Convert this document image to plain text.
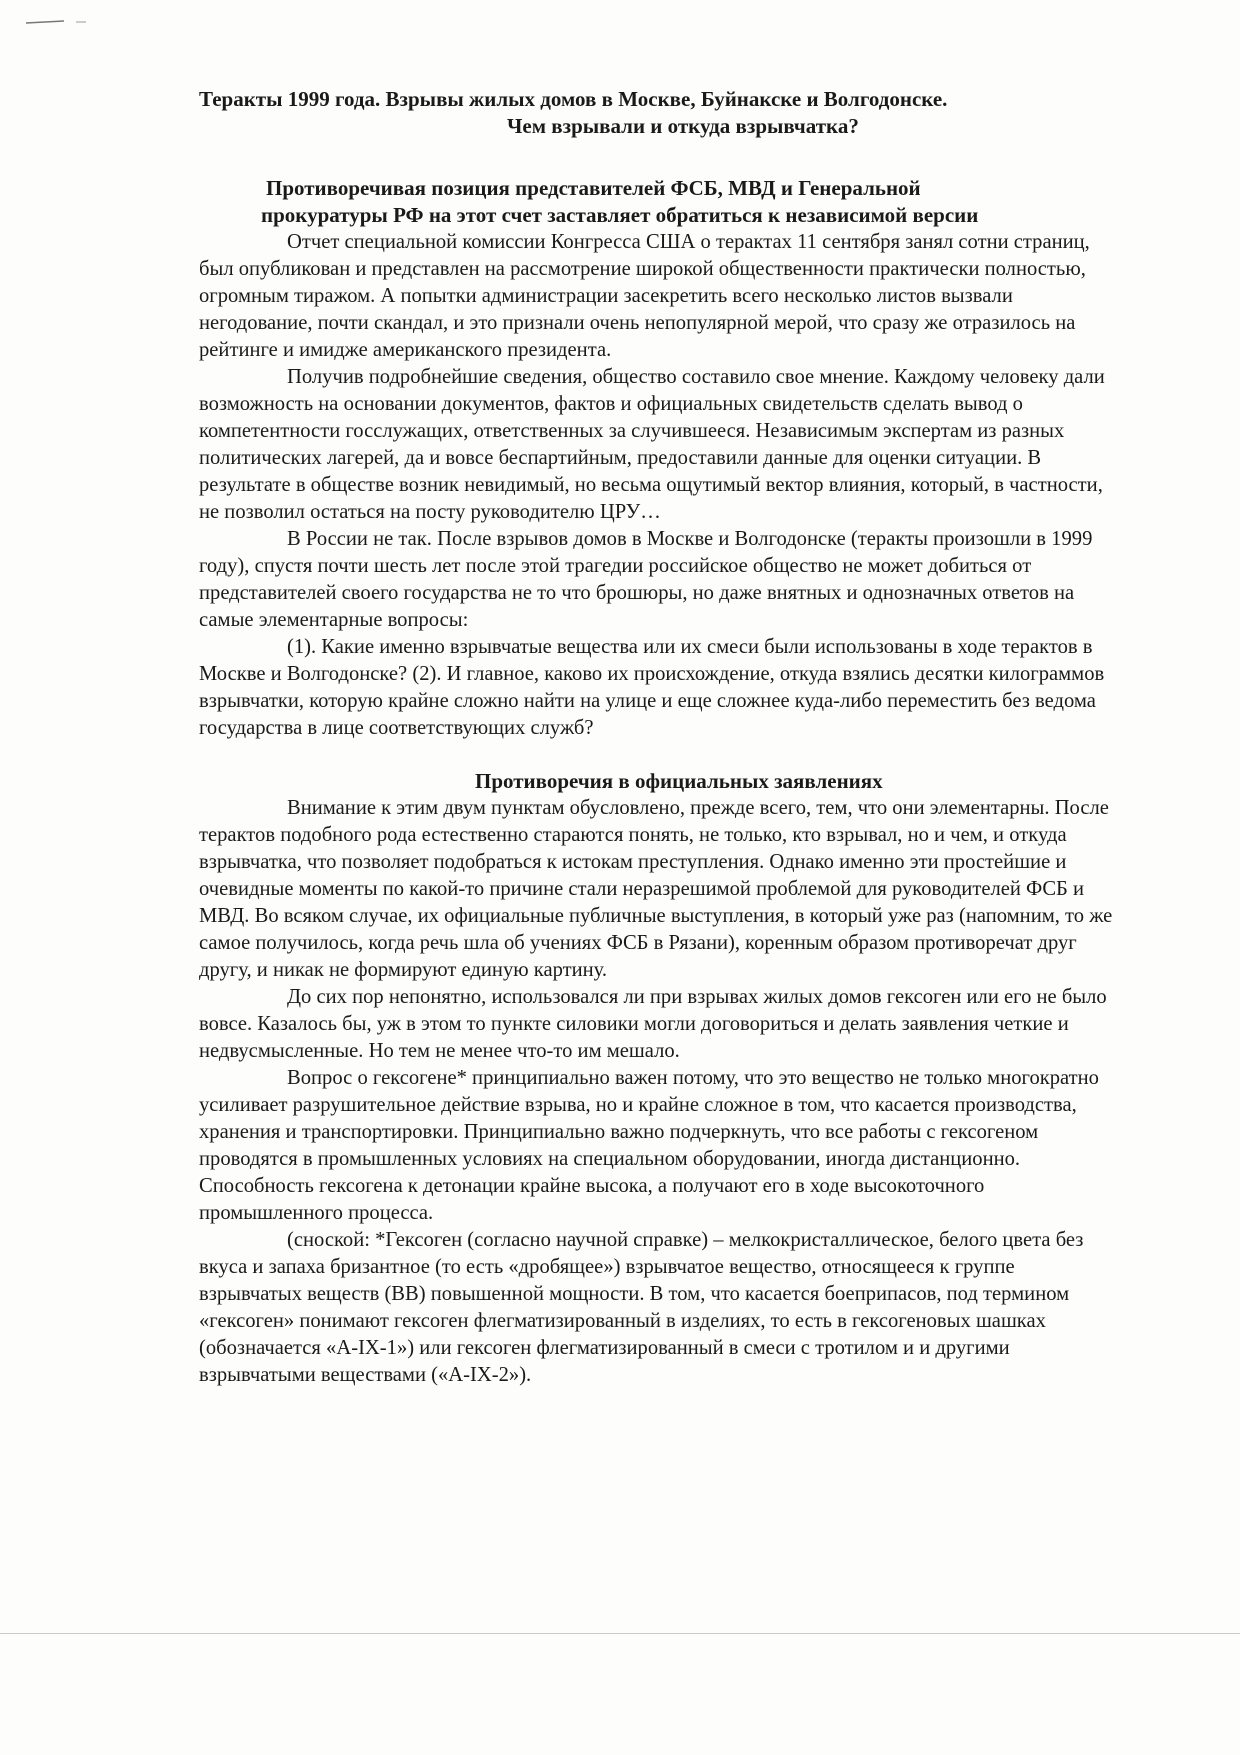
Теракты 1999 года. Взрывы жилых домов в Москве, Буйнакске и Волгодонске.
Чем взрывали и откуда взрывчатка?
Противоречивая позиция представителей ФСБ, МВД и Генеральной
прокуратуры РФ на этот счет заставляет обратиться к независимой версии

Отчет специальной комиссии Конгресса США о терактах 11 сентября занял сотни страниц, был опубликован и представлен на рассмотрение широкой общественности практически полностью, огромным тиражом. А попытки администрации засекретить всего несколько листов вызвали негодование, почти скандал, и это признали очень непопулярной мерой, что сразу же отразилось на рейтинге и имидже американского президента.

Получив подробнейшие сведения, общество составило свое мнение. Каждому человеку дали возможность на основании документов, фактов и официальных свидетельств сделать вывод о компетентности госслужащих, ответственных за случившееся. Независимым экспертам из разных политических лагерей, да и вовсе беспартийным, предоставили данные для оценки ситуации. В результате в обществе возник невидимый, но весьма ощутимый вектор влияния, который, в частности, не позволил остаться на посту руководителю ЦРУ…

В России не так. После взрывов домов в Москве и Волгодонске (теракты произошли в 1999 году), спустя почти шесть лет после этой трагедии российское общество не может добиться от представителей своего государства не то что брошюры, но даже внятных и однозначных ответов на самые элементарные вопросы:

(1). Какие именно взрывчатые вещества или их смеси были использованы в ходе терактов в Москве и Волгодонске? (2). И главное, каково их происхождение, откуда взялись десятки килограммов взрывчатки, которую крайне сложно найти на улице и еще сложнее куда-либо переместить без ведома государства в лице соответствующих служб?

Противоречия в официальных заявлениях

Внимание к этим двум пунктам обусловлено, прежде всего, тем, что они элементарны. После терактов подобного рода естественно стараются понять, не только, кто взрывал, но и чем, и откуда взрывчатка, что позволяет подобраться к истокам преступления. Однако именно эти простейшие и очевидные моменты по какой-то причине стали неразрешимой проблемой для руководителей ФСБ и МВД. Во всяком случае, их официальные публичные выступления, в который уже раз (напомним, то же самое получилось, когда речь шла об учениях ФСБ в Рязани), коренным образом противоречат друг другу, и никак не формируют единую картину.

До сих пор непонятно, использовался ли при взрывах жилых домов гексоген или его не было вовсе. Казалось бы, уж в этом то пункте силовики могли договориться и делать заявления четкие и недвусмысленные. Но тем не менее что-то им мешало.

Вопрос о гексогене* принципиально важен потому, что это вещество не только многократно усиливает разрушительное действие взрыва, но и крайне сложное в том, что касается производства, хранения и транспортировки. Принципиально важно подчеркнуть, что все работы с гексогеном проводятся в промышленных условиях на специальном оборудовании, иногда дистанционно. Способность гексогена к детонации крайне высока, а получают его в ходе высокоточного промышленного процесса.

(сноской: *Гексоген (согласно научной справке) – мелкокристаллическое, белого цвета без вкуса и запаха бризантное (то есть «дробящее») взрывчатое вещество, относящееся к группе взрывчатых веществ (ВВ) повышенной мощности. В том, что касается боеприпасов, под термином «гексоген» понимают гексоген флегматизированный в изделиях, то есть в гексогеновых шашках (обозначается «A-IX-1») или гексоген флегматизированный в смеси с тротилом и и другими взрывчатыми веществами («A-IX-2»).
